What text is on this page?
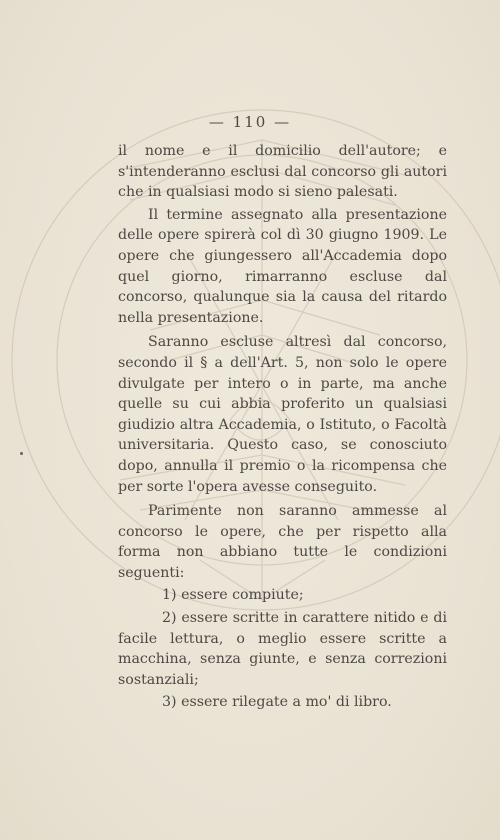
— 110 —

il nome e il domicilio dell'autore; e s'intenderanno esclusi dal concorso gli autori che in qualsiasi modo si sieno palesati.

Il termine assegnato alla presentazione delle opere spirerà col dì 30 giugno 1909. Le opere che giungessero all'Accademia dopo quel giorno, rimarranno escluse dal concorso, qualunque sia la causa del ritardo nella presentazione.

Saranno escluse altresì dal concorso, secondo il § a dell'Art. 5, non solo le opere divulgate per intero o in parte, ma anche quelle su cui abbia proferito un qualsiasi giudizio altra Accademia, o Istituto, o Facoltà universitaria. Questo caso, se conosciuto dopo, annulla il premio o la ricompensa che per sorte l'opera avesse conseguito.

Parimente non saranno ammesse al concorso le opere, che per rispetto alla forma non abbiano tutte le condizioni seguenti:

1) essere compiute;

2) essere scritte in carattere nitido e di facile lettura, o meglio essere scritte a macchina, senza giunte, e senza correzioni sostanziali;

3) essere rilegate a mo' di libro.
